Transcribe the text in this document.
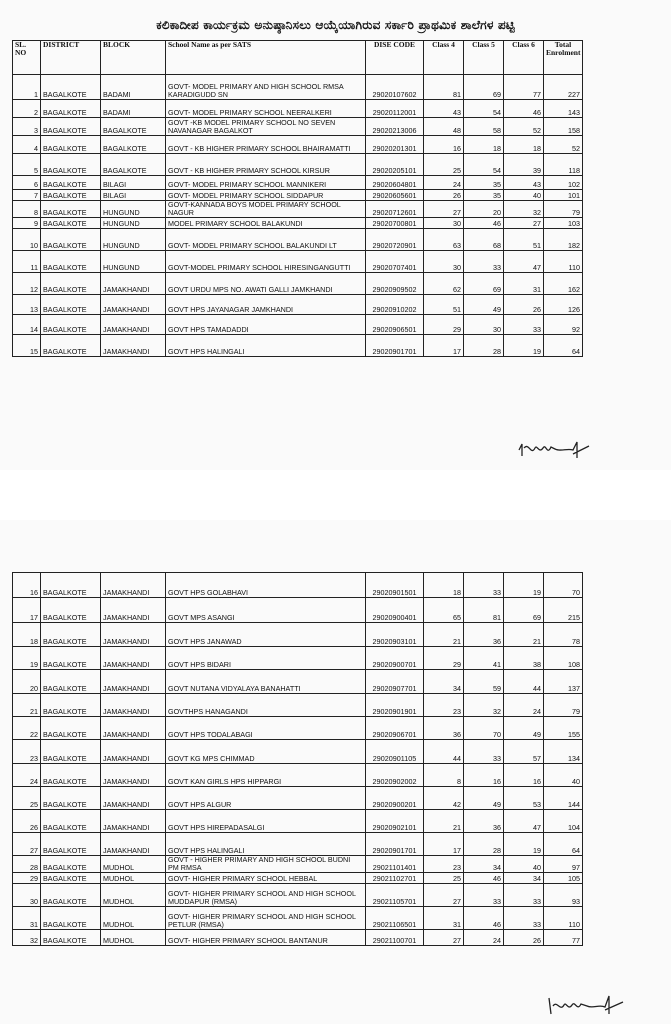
ಕಲಿಕಾದೀಪ ಕಾರ್ಯಕ್ರಮ ಅನುಷ್ಠಾನಿಸಲು ಆಯ್ಕೆಯಾಗಿರುವ ಸರ್ಕಾರಿ ಪ್ರಾಥಮಿಕ ಶಾಲೆಗಳ ಪಟ್ಟಿ
SL. NO	DISTRICT	BLOCK	School Name as per SATS	DISE CODE	Class 4	Class 5	Class 6	Total Enrolment
1	BAGALKOTE	BADAMI	GOVT- MODEL PRIMARY AND HIGH SCHOOL RMSA KARADIGUDD SN	29020107602	81	69	77	227
2	BAGALKOTE	BADAMI	GOVT- MODEL PRIMARY SCHOOL NEERALKERI	29020112001	43	54	46	143
3	BAGALKOTE	BAGALKOTE	GOVT -KB MODEL PRIMARY SCHOOL NO SEVEN NAVANAGAR BAGALKOT	29020213006	48	58	52	158
4	BAGALKOTE	BAGALKOTE	GOVT - KB HIGHER PRIMARY SCHOOL BHAIRAMATTI	29020201301	16	18	18	52
5	BAGALKOTE	BAGALKOTE	GOVT - KB HIGHER PRIMARY SCHOOL KIRSUR	29020205101	25	54	39	118
6	BAGALKOTE	BILAGI	GOVT- MODEL PRIMARY SCHOOL MANNIKERI	29020604801	24	35	43	102
7	BAGALKOTE	BILAGI	GOVT- MODEL PRIMARY SCHOOL SIDDAPUR	29020605601	26	35	40	101
8	BAGALKOTE	HUNGUND	GOVT-KANNADA BOYS MODEL PRIMARY SCHOOL NAGUR	29020712601	27	20	32	79
9	BAGALKOTE	HUNGUND	MODEL PRIMARY SCHOOL BALAKUNDI	29020700801	30	46	27	103
10	BAGALKOTE	HUNGUND	GOVT- MODEL PRIMARY SCHOOL BALAKUNDI LT	29020720901	63	68	51	182
11	BAGALKOTE	HUNGUND	GOVT-MODEL PRIMARY SCHOOL HIRESINGANGUTTI	29020707401	30	33	47	110
12	BAGALKOTE	JAMAKHANDI	GOVT URDU MPS NO. AWATI GALLI JAMKHANDI	29020909502	62	69	31	162
13	BAGALKOTE	JAMAKHANDI	GOVT HPS JAYANAGAR JAMKHANDI	29020910202	51	49	26	126
14	BAGALKOTE	JAMAKHANDI	GOVT HPS TAMADADDI	29020906501	29	30	33	92
15	BAGALKOTE	JAMAKHANDI	GOVT HPS HALINGALI	29020901701	17	28	19	64
16	BAGALKOTE	JAMAKHANDI	GOVT HPS GOLABHAVI	29020901501	18	33	19	70
17	BAGALKOTE	JAMAKHANDI	GOVT MPS ASANGI	29020900401	65	81	69	215
18	BAGALKOTE	JAMAKHANDI	GOVT HPS JANAWAD	29020903101	21	36	21	78
19	BAGALKOTE	JAMAKHANDI	GOVT HPS BIDARI	29020900701	29	41	38	108
20	BAGALKOTE	JAMAKHANDI	GOVT NUTANA VIDYALAYA BANAHATTI	29020907701	34	59	44	137
21	BAGALKOTE	JAMAKHANDI	GOVTHPS HANAGANDI	29020901901	23	32	24	79
22	BAGALKOTE	JAMAKHANDI	GOVT HPS TODALABAGI	29020906701	36	70	49	155
23	BAGALKOTE	JAMAKHANDI	GOVT KG MPS CHIMMAD	29020901105	44	33	57	134
24	BAGALKOTE	JAMAKHANDI	GOVT KAN GIRLS HPS HIPPARGI	29020902002	8	16	16	40
25	BAGALKOTE	JAMAKHANDI	GOVT HPS ALGUR	29020900201	42	49	53	144
26	BAGALKOTE	JAMAKHANDI	GOVT HPS HIREPADASALGI	29020902101	21	36	47	104
27	BAGALKOTE	JAMAKHANDI	GOVT HPS HALINGALI	29020901701	17	28	19	64
28	BAGALKOTE	MUDHOL	GOVT - HIGHER PRIMARY AND HIGH SCHOOL BUDNI PM RMSA	29021101401	23	34	40	97
29	BAGALKOTE	MUDHOL	GOVT- HIGHER PRIMARY SCHOOL HEBBAL	29021102701	25	46	34	105
30	BAGALKOTE	MUDHOL	GOVT- HIGHER PRIMARY SCHOOL AND HIGH SCHOOL MUDDAPUR (RMSA)	29021105701	27	33	33	93
31	BAGALKOTE	MUDHOL	GOVT- HIGHER PRIMARY SCHOOL AND HIGH SCHOOL PETLUR (RMSA)	29021106501	31	46	33	110
32	BAGALKOTE	MUDHOL	GOVT- HIGHER PRIMARY SCHOOL BANTANUR	29021100701	27	24	26	77
